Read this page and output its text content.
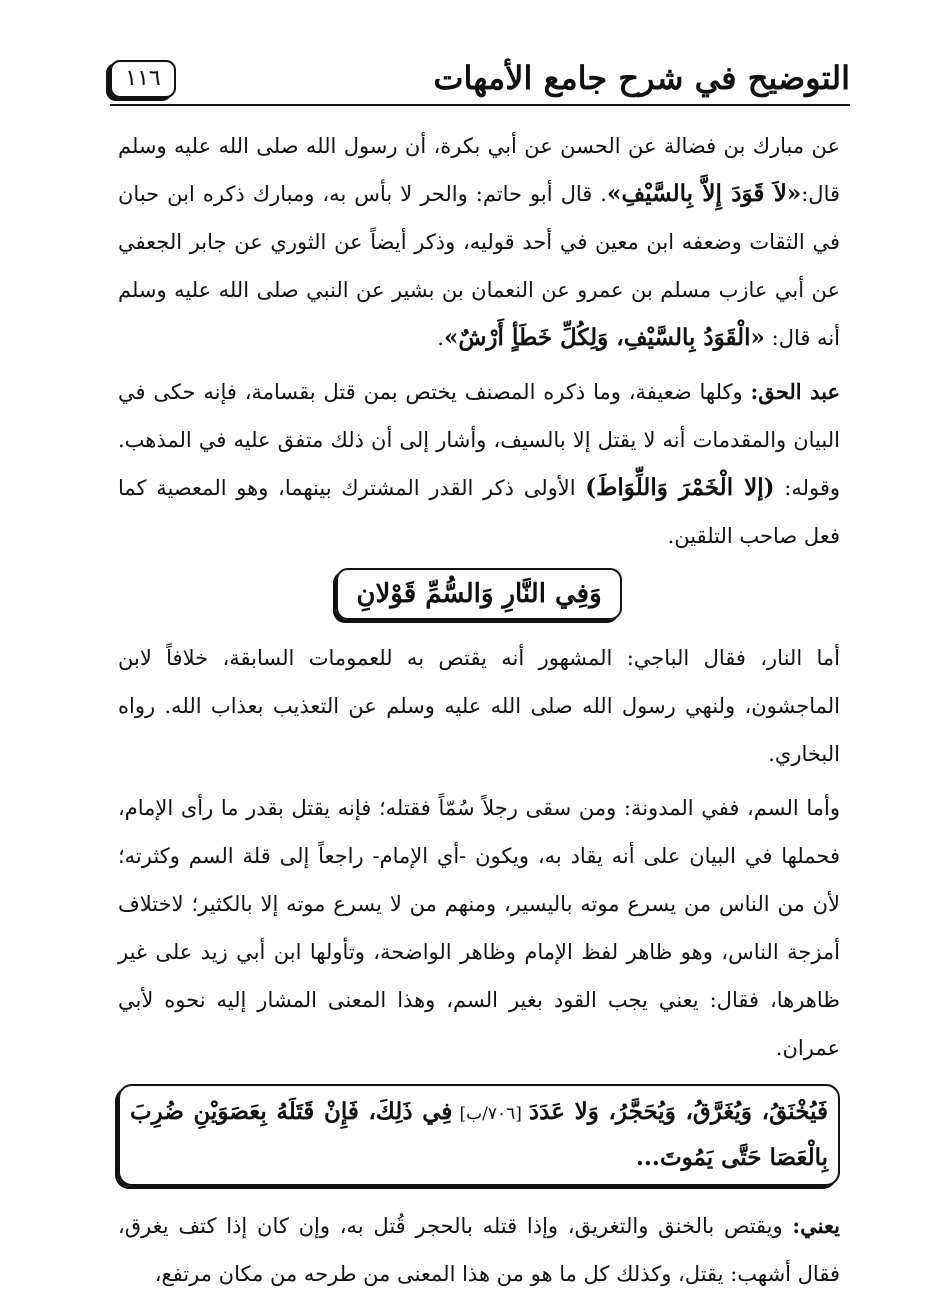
التوضيح في شرح جامع الأمهات
١١٦

عن مبارك بن فضالة عن الحسن عن أبي بكرة، أن رسول الله صلى الله عليه وسلم قال:«لاَ قَوَدَ إِلاَّ بِالسَّيْفِ». قال أبو حاتم: والحر لا بأس به، ومبارك ذكره ابن حبان في الثقات وضعفه ابن معين في أحد قوليه، وذكر أيضاً عن الثوري عن جابر الجعفي عن أبي عازب مسلم بن عمرو عن النعمان بن بشير عن النبي صلى الله عليه وسلم أنه قال: «الْقَوَدُ بِالسَّيْفِ، وَلِكُلِّ خَطَأٍ أَرْشٌ».

عبد الحق: وكلها ضعيفة، وما ذكره المصنف يختص بمن قتل بقسامة، فإنه حكى في البيان والمقدمات أنه لا يقتل إلا بالسيف، وأشار إلى أن ذلك متفق عليه في المذهب. وقوله: (إلا الْخَمْرَ وَاللِّوَاطَ) الأولى ذكر القدر المشترك بينهما، وهو المعصية كما فعل صاحب التلقين.

وَفِي النَّارِ وَالسُّمِّ قَوْلانِ

أما النار، فقال الباجي: المشهور أنه يقتص به للعمومات السابقة، خلافاً لابن الماجشون، ولنهي رسول الله صلى الله عليه وسلم عن التعذيب بعذاب الله. رواه البخاري.

وأما السم، ففي المدونة: ومن سقى رجلاً سُمّاً فقتله؛ فإنه يقتل بقدر ما رأى الإمام، فحملها في البيان على أنه يقاد به، ويكون -أي الإمام- راجعاً إلى قلة السم وكثرته؛ لأن من الناس من يسرع موته باليسير، ومنهم من لا يسرع موته إلا بالكثير؛ لاختلاف أمزجة الناس، وهو ظاهر لفظ الإمام وظاهر الواضحة، وتأولها ابن أبي زيد على غير ظاهرها، فقال: يعني يجب القود بغير السم، وهذا المعنى المشار إليه نحوه لأبي عمران.

فَيُخْنَقُ، وَيُغَرَّقُ، وَيُحَجَّرُ، وَلا عَدَدَ [٧٠٦/ب] فِي ذَلِكَ، فَإِنْ قَتَلَهُ بِعَصَوَيْنِ ضُرِبَ بِالْعَصَا حَتَّى يَمُوتَ...

يعني: ويقتص بالخنق والتغريق، وإذا قتله بالحجر قُتل به، وإن كان إذا كتف يغرق، فقال أشهب: يقتل، وكذلك كل ما هو من هذا المعنى من طرحه من مكان مرتفع،
